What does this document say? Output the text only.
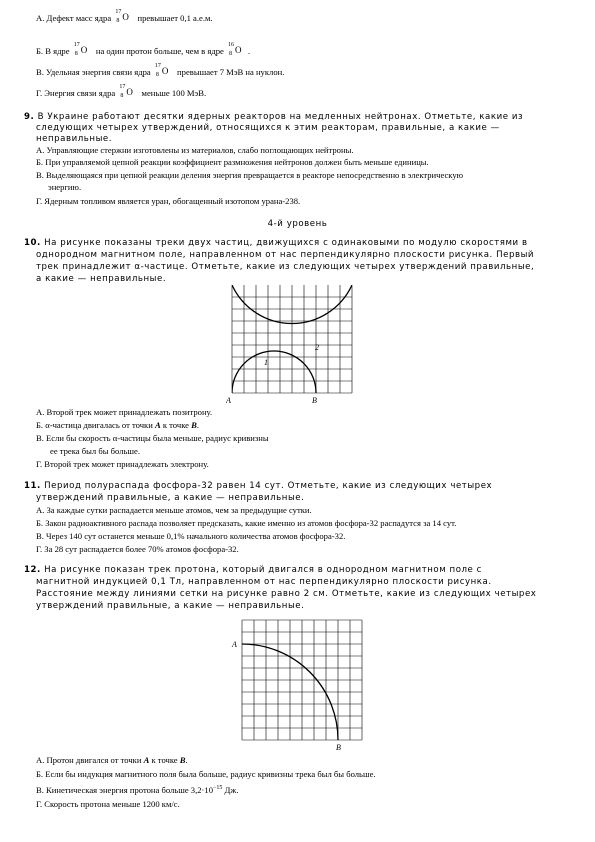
А. Дефект масс ядра
17
8 O превышает 0,1 а.е.м.
Б. В ядре
17
8 O на один протон больше, чем в ядре
16
8 O .
В. Удельная энергия связи ядра
17
8 O превышает 7 МэВ на нуклон.
Г. Энергия связи ядра
17
8 O меньше 100 МэВ.
9. В Украине работают десятки ядерных реакторов на медленных нейтронах. Отметьте, какие из
следующих четырех утверждений, относящихся к этим реакторам, правильные, а какие —
неправильные.
А. Управляющие стержни изготовлены из материалов, слабо поглощающих нейтроны.
Б. При управляемой цепной реакции коэффициент размножения нейтронов должен быть меньше единицы.
В. Выделяющаяся при цепной реакции деления энергия превращается в реакторе непосредственно в электрическую
энергию.
Г. Ядерным топливом является уран, обогащенный изотопом урана-238.
4-й уровень
10. На рисунке показаны треки двух частиц, движущихся с одинаковыми по модулю скоростями в
однородном магнитном поле, направленном от нас перпендикулярно плоскости рисунка. Первый
трек принадлежит α-частице. Отметьте, какие из следующих четырех утверждений правильные,
а какие — неправильные.
A	B
1
2
А. Второй трек может принадлежать позитрону.
Б. α-частица двигалась от точки A к точке B.
В. Если бы скорость α-частицы была меньше, радиус кривизны
ее трека был бы больше.
Г. Второй трек может принадлежать электрону.
11. Период полураспада фосфора-32 равен 14 сут. Отметьте, какие из следующих четырех
утверждений правильные, а какие — неправильные.
А. За каждые сутки распадается меньше атомов, чем за предыдущие сутки.
Б. Закон радиоактивного распада позволяет предсказать, какие именно из атомов фосфора-32 распадутся за 14 сут.
В. Через 140 сут останется меньше 0,1% начального количества атомов фосфора-32.
Г. За 28 сут распадается более 70% атомов фосфора-32.
12. На рисунке показан трек протона, который двигался в однородном магнитном поле с
магнитной индукцией 0,1 Тл, направленном от нас перпендикулярно плоскости рисунка.
Расстояние между линиями сетки на рисунке равно 2 см. Отметьте, какие из следующих четырех
утверждений правильные, а какие — неправильные.
A
B
А. Протон двигался от точки A к точке B.
Б. Если бы индукция магнитного поля была больше, радиус кривизны трека был бы больше.
В. Кинетическая энергия протона больше $3,2\cdot 10^{-15}$ Дж.
Г. Скорость протона меньше 1200 км/с.
